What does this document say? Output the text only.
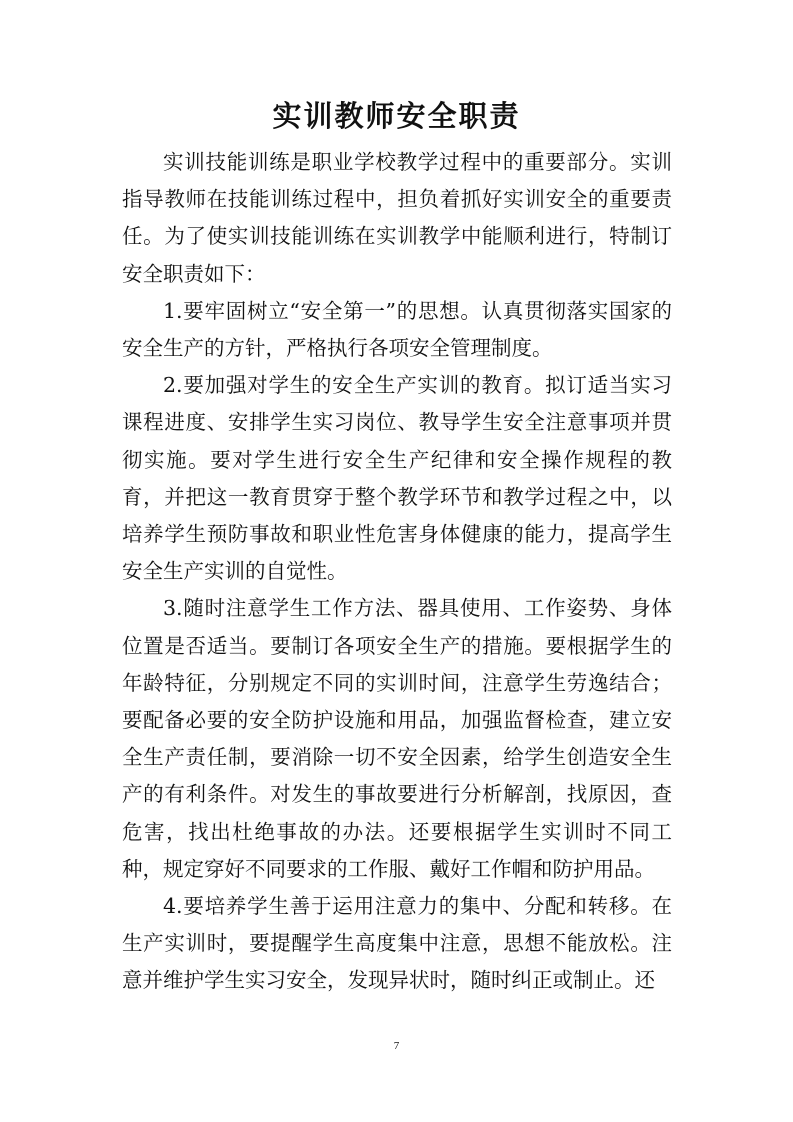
实训教师安全职责

实训技能训练是职业学校教学过程中的重要部分。实训指导教师在技能训练过程中，担负着抓好实训安全的重要责任。为了使实训技能训练在实训教学中能顺利进行，特制订安全职责如下：

1.要牢固树立“安全第一”的思想。认真贯彻落实国家的安全生产的方针，严格执行各项安全管理制度。

2.要加强对学生的安全生产实训的教育。拟订适当实习课程进度、安排学生实习岗位、教导学生安全注意事项并贯彻实施。要对学生进行安全生产纪律和安全操作规程的教育，并把这一教育贯穿于整个教学环节和教学过程之中，以培养学生预防事故和职业性危害身体健康的能力，提高学生安全生产实训的自觉性。

3.随时注意学生工作方法、器具使用、工作姿势、身体位置是否适当。要制订各项安全生产的措施。要根据学生的年龄特征，分别规定不同的实训时间，注意学生劳逸结合；要配备必要的安全防护设施和用品，加强监督检查，建立安全生产责任制，要消除一切不安全因素，给学生创造安全生产的有利条件。对发生的事故要进行分析解剖，找原因，查危害，找出杜绝事故的办法。还要根据学生实训时不同工种，规定穿好不同要求的工作服、戴好工作帽和防护用品。

4.要培养学生善于运用注意力的集中、分配和转移。在生产实训时，要提醒学生高度集中注意，思想不能放松。注意并维护学生实习安全，发现异状时，随时纠正或制止。还

7
